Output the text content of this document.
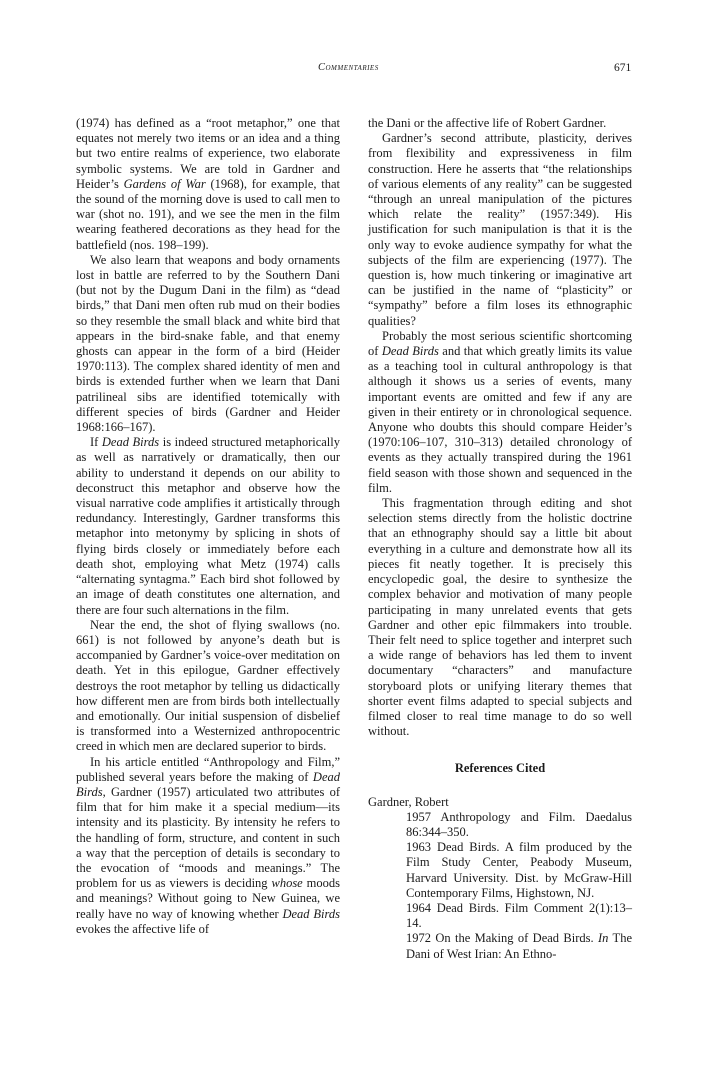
Commentaries	671

(1974) has defined as a “root metaphor,” one that equates not merely two items or an idea and a thing but two entire realms of experience, two elaborate symbolic systems. We are told in Gardner and Heider’s Gardens of War (1968), for example, that the sound of the morning dove is used to call men to war (shot no. 191), and we see the men in the film wearing feathered decorations as they head for the battlefield (nos. 198–199).

We also learn that weapons and body ornaments lost in battle are referred to by the Southern Dani (but not by the Dugum Dani in the film) as “dead birds,” that Dani men often rub mud on their bodies so they resemble the small black and white bird that appears in the bird-snake fable, and that enemy ghosts can appear in the form of a bird (Heider 1970:113). The complex shared identity of men and birds is extended further when we learn that Dani patrilineal sibs are identified totemically with different species of birds (Gardner and Heider 1968:166–167).

If Dead Birds is indeed structured metaphorically as well as narratively or dramatically, then our ability to understand it depends on our ability to deconstruct this metaphor and observe how the visual narrative code amplifies it artistically through redundancy. Interestingly, Gardner transforms this metaphor into metonymy by splicing in shots of flying birds closely or immediately before each death shot, employing what Metz (1974) calls “alternating syntagma.” Each bird shot followed by an image of death constitutes one alternation, and there are four such alternations in the film.

Near the end, the shot of flying swallows (no. 661) is not followed by anyone’s death but is accompanied by Gardner’s voice-over meditation on death. Yet in this epilogue, Gardner effectively destroys the root metaphor by telling us didactically how different men are from birds both intellectually and emotionally. Our initial suspension of disbelief is transformed into a Westernized anthropocentric creed in which men are declared superior to birds.

In his article entitled “Anthropology and Film,” published several years before the making of Dead Birds, Gardner (1957) articulated two attributes of film that for him make it a special medium—its intensity and its plasticity. By intensity he refers to the handling of form, structure, and content in such a way that the perception of details is secondary to the evocation of “moods and meanings.” The problem for us as viewers is deciding whose moods and meanings? Without going to New Guinea, we really have no way of knowing whether Dead Birds evokes the affective life of

the Dani or the affective life of Robert Gardner.

Gardner’s second attribute, plasticity, derives from flexibility and expressiveness in film construction. Here he asserts that “the relationships of various elements of any reality” can be suggested “through an unreal manipulation of the pictures which relate the reality” (1957:349). His justification for such manipulation is that it is the only way to evoke audience sympathy for what the subjects of the film are experiencing (1977). The question is, how much tinkering or imaginative art can be justified in the name of “plasticity” or “sympathy” before a film loses its ethnographic qualities?

Probably the most serious scientific shortcoming of Dead Birds and that which greatly limits its value as a teaching tool in cultural anthropology is that although it shows us a series of events, many important events are omitted and few if any are given in their entirety or in chronological sequence. Anyone who doubts this should compare Heider’s (1970:106–107, 310–313) detailed chronology of events as they actually transpired during the 1961 field season with those shown and sequenced in the film.

This fragmentation through editing and shot selection stems directly from the holistic doctrine that an ethnography should say a little bit about everything in a culture and demonstrate how all its pieces fit neatly together. It is precisely this encyclopedic goal, the desire to synthesize the complex behavior and motivation of many people participating in many unrelated events that gets Gardner and other epic filmmakers into trouble. Their felt need to splice together and interpret such a wide range of behaviors has led them to invent documentary “characters” and manufacture storyboard plots or unifying literary themes that shorter event films adapted to special subjects and filmed closer to real time manage to do so well without.

References Cited

Gardner, Robert

1957 Anthropology and Film. Daedalus 86:344–350.

1963 Dead Birds. A film produced by the Film Study Center, Peabody Museum, Harvard University. Dist. by McGraw-Hill Contemporary Films, Highstown, NJ.

1964 Dead Birds. Film Comment 2(1):13–14.

1972 On the Making of Dead Birds. In The Dani of West Irian: An Ethno-
